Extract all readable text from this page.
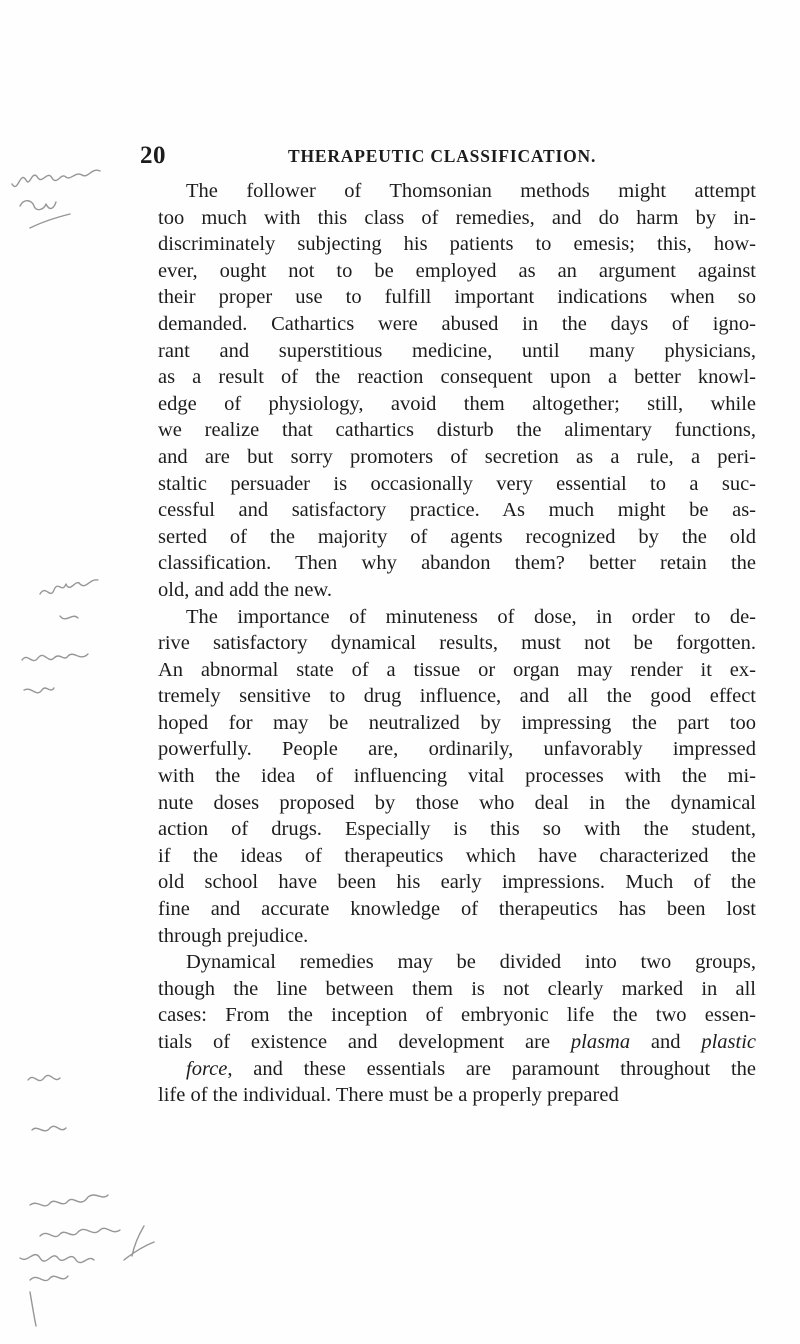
20	THERAPEUTIC CLASSIFICATION.
The follower of Thomsonian methods might attempt
too much with this class of remedies, and do harm by in-
discriminately subjecting his patients to emesis; this, how-
ever, ought not to be employed as an argument against
their proper use to fulfill important indications when so
demanded. Cathartics were abused in the days of igno-
rant and superstitious medicine, until many physicians,
as a result of the reaction consequent upon a better knowl-
edge of physiology, avoid them altogether; still, while
we realize that cathartics disturb the alimentary functions,
and are but sorry promoters of secretion as a rule, a peri-
staltic persuader is occasionally very essential to a suc-
cessful and satisfactory practice. As much might be as-
serted of the majority of agents recognized by the old
classification. Then why abandon them? better retain the
old, and add the new.
The importance of minuteness of dose, in order to de-
rive satisfactory dynamical results, must not be forgotten.
An abnormal state of a tissue or organ may render it ex-
tremely sensitive to drug influence, and all the good effect
hoped for may be neutralized by impressing the part too
powerfully. People are, ordinarily, unfavorably impressed
with the idea of influencing vital processes with the mi-
nute doses proposed by those who deal in the dynamical
action of drugs. Especially is this so with the student,
if the ideas of therapeutics which have characterized the
old school have been his early impressions. Much of the
fine and accurate knowledge of therapeutics has been lost
through prejudice.
Dynamical remedies may be divided into two groups,
though the line between them is not clearly marked in all
cases: From the inception of embryonic life the two essen-
tials of existence and development are plasma and plastic
force, and these essentials are paramount throughout the
life of the individual. There must be a properly prepared
